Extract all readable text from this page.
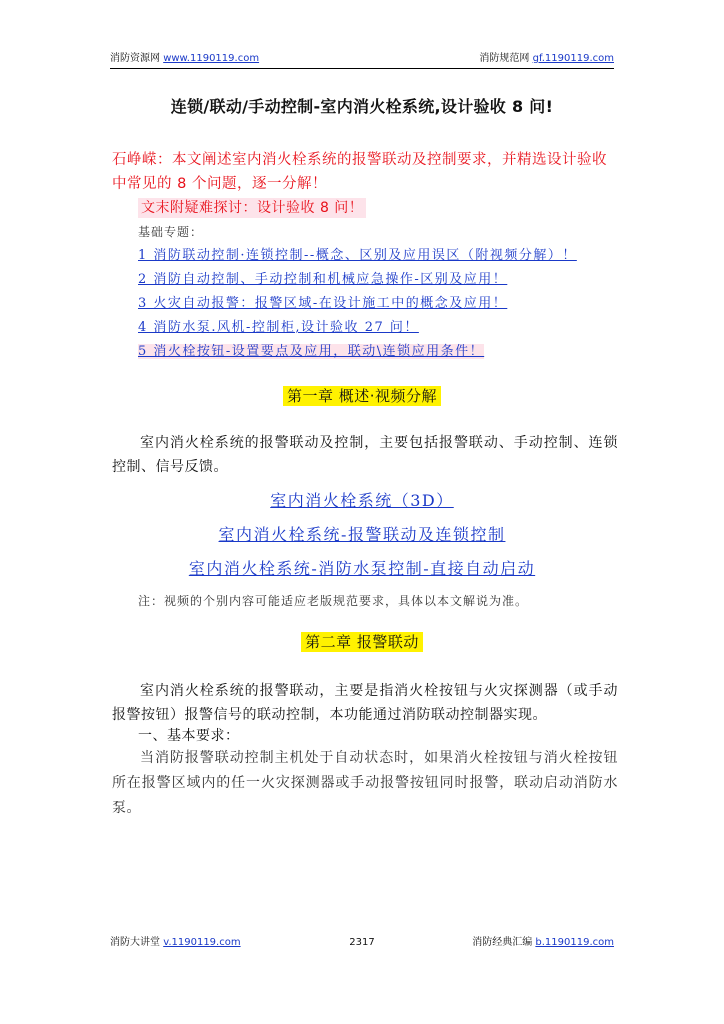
消防资源网 www.1190119.com	消防规范网 gf.1190119.com
连锁/联动/手动控制-室内消火栓系统,设计验收 8 问!
石峥嵘：本文阐述室内消火栓系统的报警联动及控制要求，并精选设计验收中常见的 8 个问题，逐一分解！
文末附疑难探讨：设计验收 8 问！
基础专题：
1 消防联动控制·连锁控制--概念、区别及应用误区（附视频分解）！
2 消防自动控制、手动控制和机械应急操作-区别及应用！
3 火灾自动报警：报警区域-在设计施工中的概念及应用！
4 消防水泵.风机-控制柜,设计验收 27 问！
5 消火栓按钮-设置要点及应用，联动\连锁应用条件！
第一章 概述·视频分解
室内消火栓系统的报警联动及控制，主要包括报警联动、手动控制、连锁控制、信号反馈。
室内消火栓系统（3D）
室内消火栓系统-报警联动及连锁控制
室内消火栓系统-消防水泵控制-直接自动启动
注：视频的个别内容可能适应老版规范要求，具体以本文解说为准。
第二章 报警联动
室内消火栓系统的报警联动，主要是指消火栓按钮与火灾探测器（或手动报警按钮）报警信号的联动控制，本功能通过消防联动控制器实现。
一、基本要求：
当消防报警联动控制主机处于自动状态时，如果消火栓按钮与消火栓按钮所在报警区域内的任一火灾探测器或手动报警按钮同时报警，联动启动消防水泵。
消防大讲堂 v.1190119.com	2317	消防经典汇编 b.1190119.com
